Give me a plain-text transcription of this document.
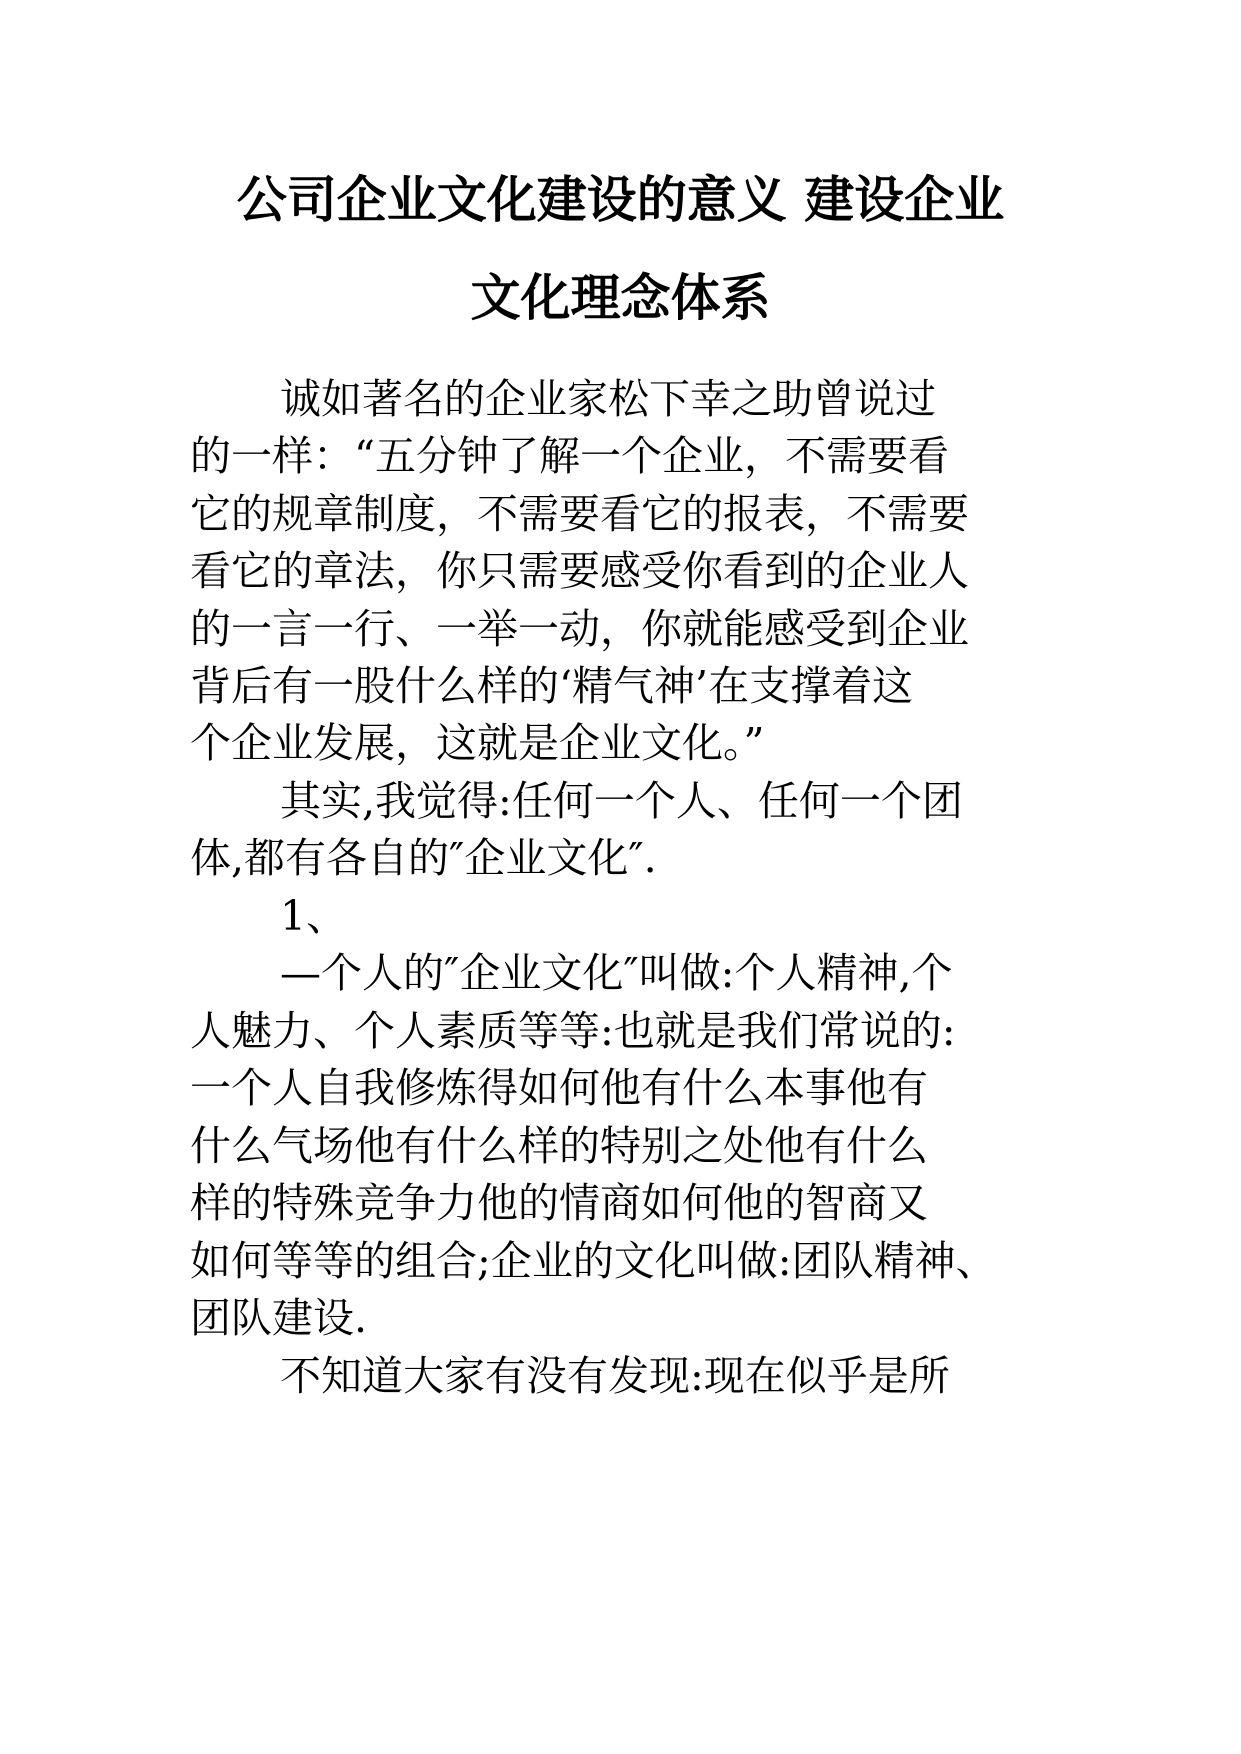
公司企业文化建设的意义 建设企业
文化理念体系
诚如著名的企业家松下幸之助曾说过
的一样：“五分钟了解一个企业，不需要看
它的规章制度，不需要看它的报表，不需要
看它的章法，你只需要感受你看到的企业人
的一言一行、一举一动，你就能感受到企业
背后有一股什么样的‘精气神’在支撑着这
个企业发展，这就是企业文化。”
其实,我觉得:任何一个人、任何一个团
体,都有各自的″企业文化″.
1、
—个人的″企业文化″叫做:个人精神,个
人魅力、个人素质等等:也就是我们常说的:
一个人自我修炼得如何他有什么本事他有
什么气场他有什么样的特别之处他有什么
样的特殊竞争力他的情商如何他的智商又
如何等等的组合;企业的文化叫做:团队精神、
团队建设.
不知道大家有没有发现:现在似乎是所
